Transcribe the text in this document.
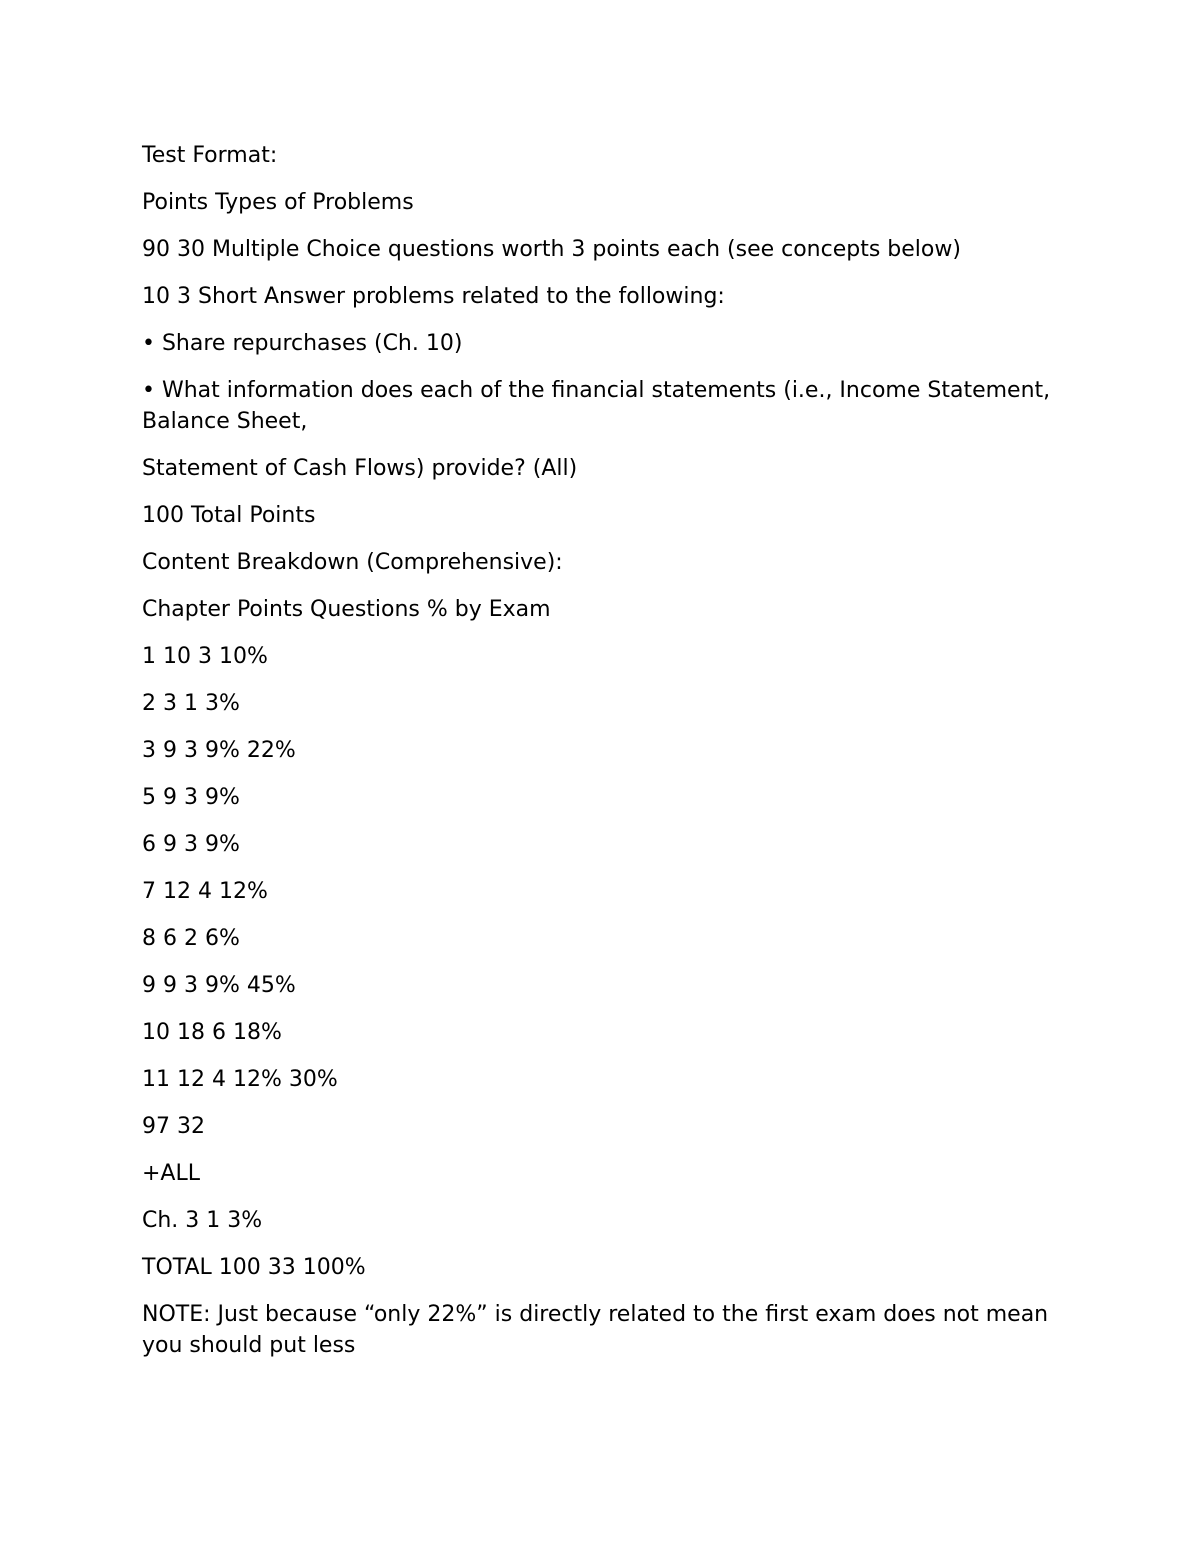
Test Format:

Points Types of Problems

90 30 Multiple Choice questions worth 3 points each (see concepts below)

10 3 Short Answer problems related to the following:

• Share repurchases (Ch. 10)

• What information does each of the financial statements (i.e., Income Statement, Balance Sheet,

Statement of Cash Flows) provide? (All)

100 Total Points

Content Breakdown (Comprehensive):

Chapter Points Questions % by Exam

1 10 3 10%

2 3 1 3%

3 9 3 9% 22%

5 9 3 9%

6 9 3 9%

7 12 4 12%

8 6 2 6%

9 9 3 9% 45%

10 18 6 18%

11 12 4 12% 30%

97 32

+ALL

Ch. 3 1 3%

TOTAL 100 33 100%

NOTE: Just because “only 22%” is directly related to the first exam does not mean you should put less
